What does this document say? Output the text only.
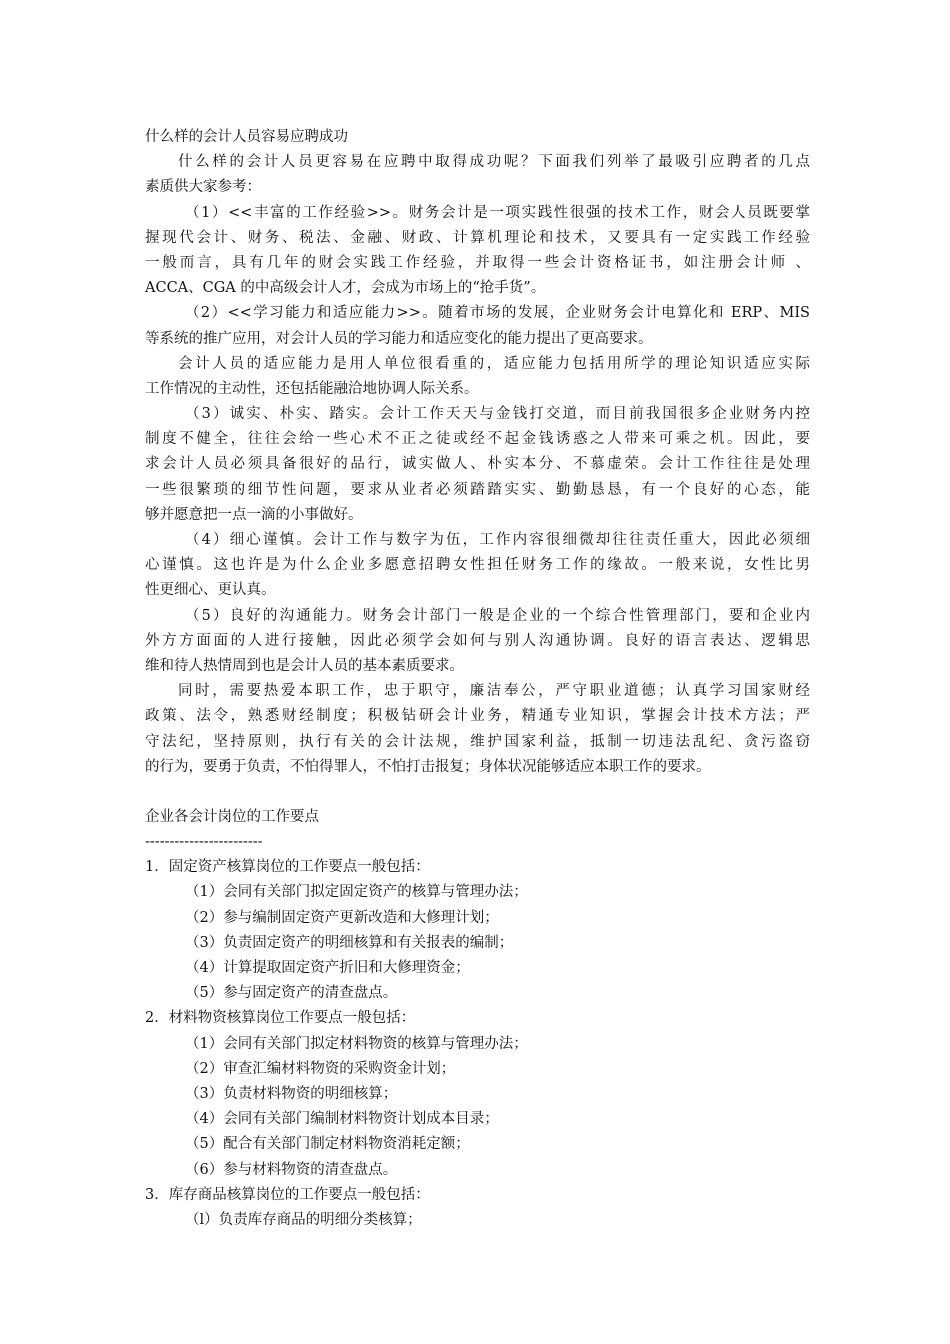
什么样的会计人员容易应聘成功
什么样的会计人员更容易在应聘中取得成功呢？下面我们列举了最吸引应聘者的几点
素质供大家参考：
（1）<<丰富的工作经验>>。财务会计是一项实践性很强的技术工作，财会人员既要掌
握现代会计、财务、税法、金融、财政、计算机理论和技术，又要具有一定实践工作经验
一般而言，具有几年的财会实践工作经验，并取得一些会计资格证书，如注册会计师 、
ACCA、CGA 的中高级会计人才，会成为市场上的“抢手货”。
（2）<<学习能力和适应能力>>。随着市场的发展，企业财务会计电算化和 ERP、MIS
等系统的推广应用，对会计人员的学习能力和适应变化的能力提出了更高要求。
会计人员的适应能力是用人单位很看重的，适应能力包括用所学的理论知识适应实际
工作情况的主动性，还包括能融洽地协调人际关系。
（3）诚实、朴实、踏实。会计工作天天与金钱打交道，而目前我国很多企业财务内控
制度不健全，往往会给一些心术不正之徒或经不起金钱诱惑之人带来可乘之机。因此，要
求会计人员必须具备很好的品行，诚实做人、朴实本分、不慕虚荣。会计工作往往是处理
一些很繁琐的细节性问题，要求从业者必须踏踏实实、勤勤恳恳，有一个良好的心态，能
够并愿意把一点一滴的小事做好。
（4）细心谨慎。会计工作与数字为伍，工作内容很细微却往往责任重大，因此必须细
心谨慎。这也许是为什么企业多愿意招聘女性担任财务工作的缘故。一般来说，女性比男
性更细心、更认真。
（5）良好的沟通能力。财务会计部门一般是企业的一个综合性管理部门，要和企业内
外方方面面的人进行接触，因此必须学会如何与别人沟通协调。良好的语言表达、逻辑思
维和待人热情周到也是会计人员的基本素质要求。
同时，需要热爱本职工作，忠于职守，廉洁奉公，严守职业道德；认真学习国家财经
政策、法令，熟悉财经制度；积极钻研会计业务，精通专业知识，掌握会计技术方法；严
守法纪，坚持原则，执行有关的会计法规，维护国家利益，抵制一切违法乱纪、贪污盗窃
的行为，要勇于负责，不怕得罪人，不怕打击报复；身体状况能够适应本职工作的要求。
企业各会计岗位的工作要点
------------------------
1．固定资产核算岗位的工作要点一般包括：
（1）会同有关部门拟定固定资产的核算与管理办法；
（2）参与编制固定资产更新改造和大修理计划；
（3）负责固定资产的明细核算和有关报表的编制；
（4）计算提取固定资产折旧和大修理资金；
（5）参与固定资产的清查盘点。
2．材料物资核算岗位工作要点一般包括：
（1）会同有关部门拟定材料物资的核算与管理办法；
（2）审查汇编材料物资的采购资金计划；
（3）负责材料物资的明细核算；
（4）会同有关部门编制材料物资计划成本目录；
（5）配合有关部门制定材料物资消耗定额；
（6）参与材料物资的清查盘点。
3．库存商品核算岗位的工作要点一般包括：
（l）负责库存商品的明细分类核算；
